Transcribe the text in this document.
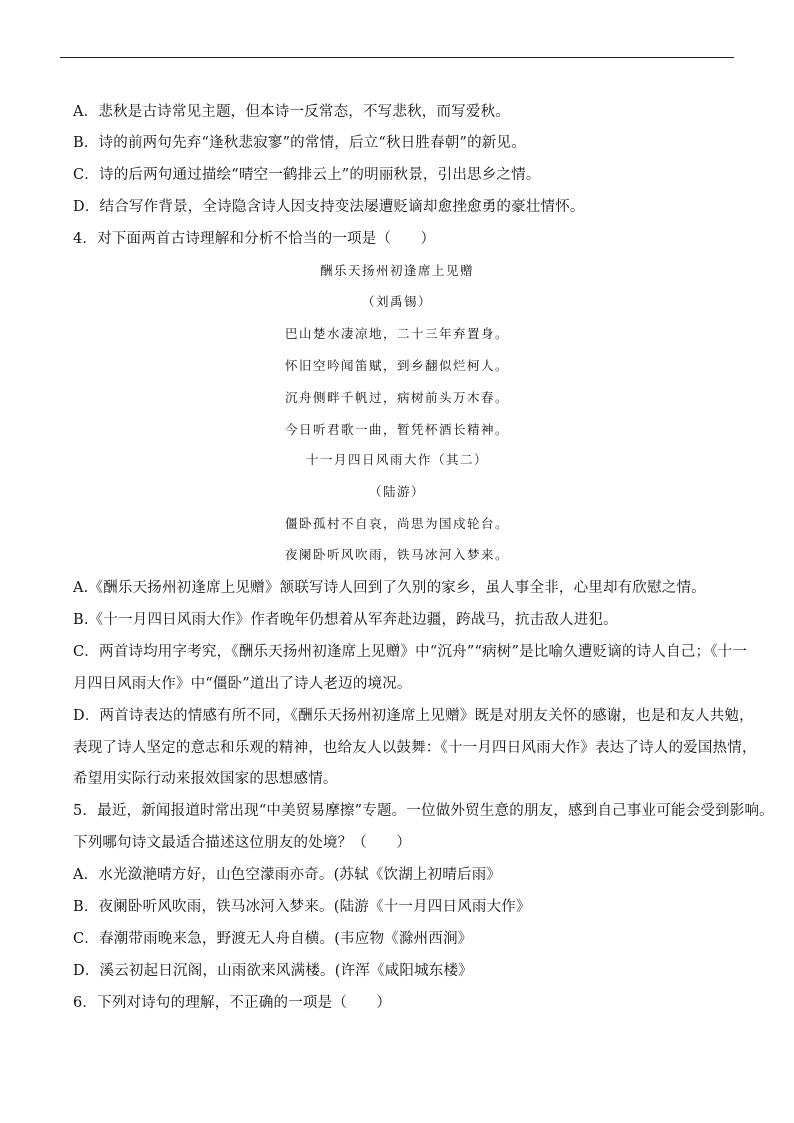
A．悲秋是古诗常见主题，但本诗一反常态，不写悲秋，而写爱秋。
B．诗的前两句先弃“逢秋悲寂寥”的常情，后立“秋日胜春朝”的新见。
C．诗的后两句通过描绘“晴空一鹤排云上”的明丽秋景，引出思乡之情。
D．结合写作背景，全诗隐含诗人因支持变法屡遭贬谪却愈挫愈勇的豪壮情怀。
4．对下面两首古诗理解和分析不恰当的一项是（　　）
酬乐天扬州初逢席上见赠
（刘禹锡）
巴山楚水凄凉地，二十三年弃置身。
怀旧空吟闻笛赋，到乡翻似烂柯人。
沉舟侧畔千帆过，病树前头万木春。
今日听君歌一曲，暂凭杯酒长精神。
十一月四日风雨大作（其二）
（陆游）
僵卧孤村不自哀，尚思为国戍轮台。
夜阑卧听风吹雨，铁马冰河入梦来。
A.《酬乐天扬州初逢席上见赠》颔联写诗人回到了久别的家乡，虽人事全非，心里却有欣慰之情。
B.《十一月四日风雨大作》作者晚年仍想着从军奔赴边疆，跨战马，抗击敌人进犯。
C．两首诗均用字考究，《酬乐天扬州初逢席上见赠》中“沉舟”“病树”是比喻久遭贬谪的诗人自己；《十一
月四日风雨大作》中“僵卧”道出了诗人老迈的境况。
D．两首诗表达的情感有所不同，《酬乐天扬州初逢席上见赠》既是对朋友关怀的感谢，也是和友人共勉，
表现了诗人坚定的意志和乐观的精神，也给友人以鼓舞：《十一月四日风雨大作》表达了诗人的爱国热情，
希望用实际行动来报效国家的思想感情。
5．最近，新闻报道时常出现“中美贸易摩擦”专题。一位做外贸生意的朋友，感到自己事业可能会受到影响。
下列哪句诗文最适合描述这位朋友的处境？（　　）
A．水光潋滟晴方好，山色空濛雨亦奇。(苏轼《饮湖上初晴后雨》
B．夜阑卧听风吹雨，铁马冰河入梦来。(陆游《十一月四日风雨大作》
C．春潮带雨晚来急，野渡无人舟自横。(韦应物《滁州西涧》
D．溪云初起日沉阁，山雨欲来风满楼。(许浑《咸阳城东楼》
6．下列对诗句的理解，不正确的一项是（　　）
